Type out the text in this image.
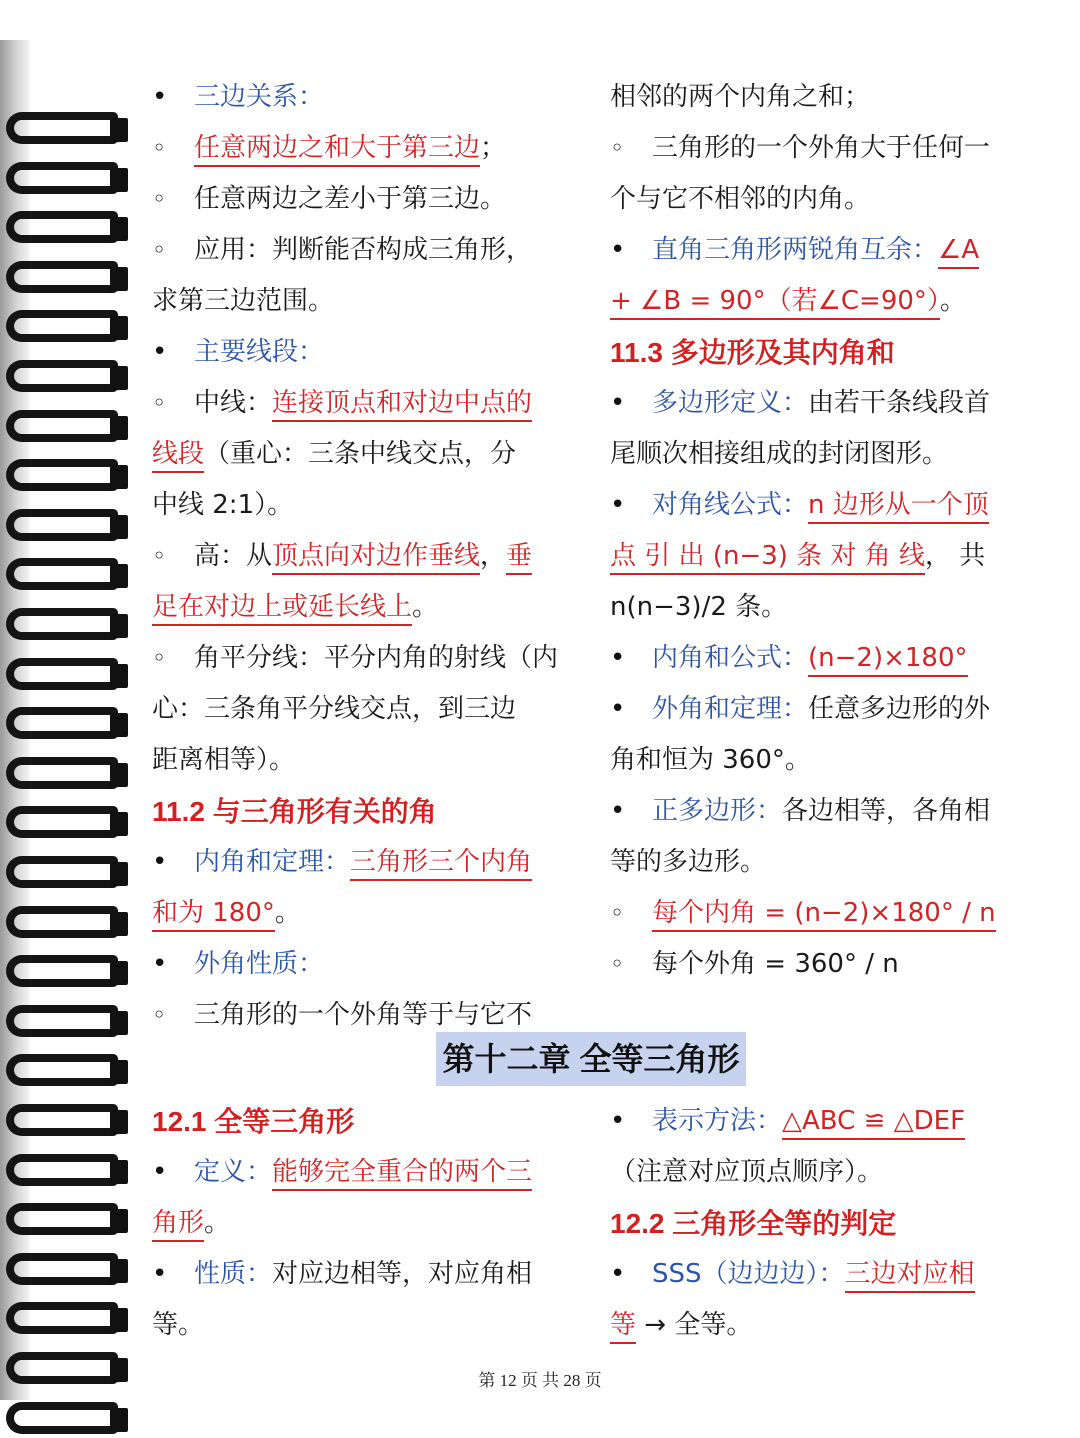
•三边关系：
◦任意两边之和大于第三边；
◦任意两边之差小于第三边。
◦应用：判断能否构成三角形，
求第三边范围。
•主要线段：
◦中线：连接顶点和对边中点的
线段（重心：三条中线交点，分
中线 2:1）。
◦高：从顶点向对边作垂线，垂
足在对边上或延长线上。
◦角平分线：平分内角的射线（内
心：三条角平分线交点，到三边
距离相等）。
11.2 与三角形有关的角
•内角和定理：三角形三个内角
和为 180°。
•外角性质：
◦三角形的一个外角等于与它不
相邻的两个内角之和；
◦三角形的一个外角大于任何一
个与它不相邻的内角。
•直角三角形两锐角互余：∠A
+ ∠B = 90°（若∠C=90°）。
11.3 多边形及其内角和
•多边形定义：由若干条线段首
尾顺次相接组成的封闭图形。
•对角线公式：n 边形从一个顶
点 引 出 (n−3) 条 对 角 线， 共
n(n−3)/2 条。
•内角和公式：(n−2)×180°
•外角和定理：任意多边形的外
角和恒为 360°。
•正多边形：各边相等，各角相
等的多边形。
◦每个内角 = (n−2)×180° / n
◦每个外角 = 360° / n
第十二章 全等三角形
12.1 全等三角形
•定义：能够完全重合的两个三
角形。
•性质：对应边相等，对应角相
等。
•表示方法：△ABC ≌ △DEF
（注意对应顶点顺序）。
12.2 三角形全等的判定
•SSS（边边边）：三边对应相
等 → 全等。
第 12 页 共 28 页
